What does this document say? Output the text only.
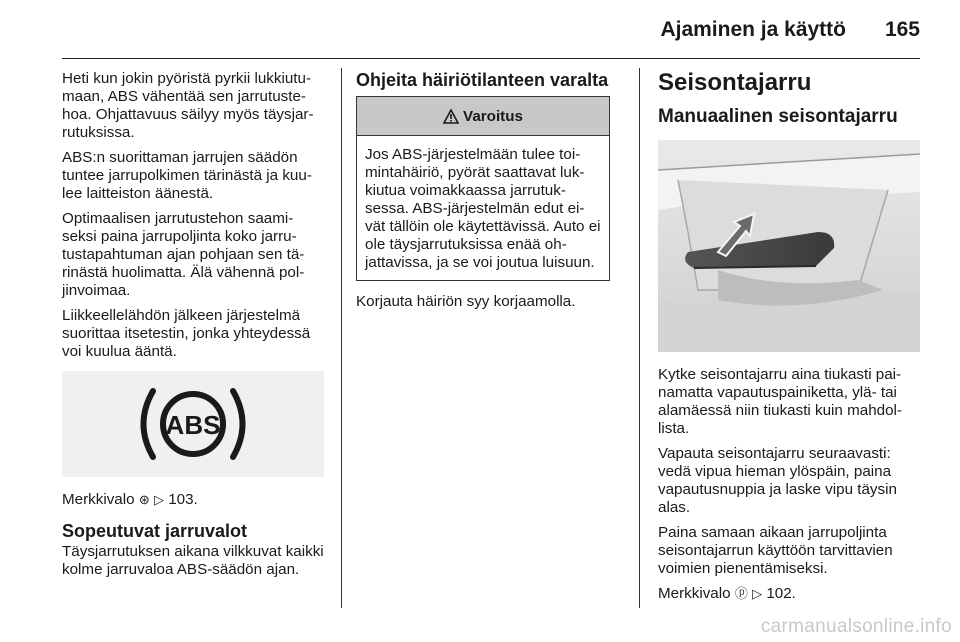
Ajaminen ja käyttö 165

Heti kun jokin pyöristä pyrkii lukkiutu-maan, ABS vähentää sen jarrutuste-hoa. Ohjattavuus säilyy myös täysjar-rutuksissa.

ABS:n suorittaman jarrujen säädön tuntee jarrupolkimen tärinästä ja kuu-lee laitteiston äänestä.

Optimaalisen jarrutustehon saami-seksi paina jarrupoljinta koko jarru-tustapahtuman ajan pohjaan sen tä-rinästä huolimatta. Älä vähennä pol-jinvoimaa.

Liikkeellelähdön jälkeen järjestelmä suorittaa itsetestin, jonka yhteydessä voi kuulua ääntä.

ABS

Merkkivalo ⊛ ▷ 103.

Sopeutuvat jarruvalot

Täysjarrutuksen aikana vilkkuvat kaikki kolme jarruvaloa ABS-säädön ajan.

Ohjeita häiriötilanteen varalta
Varoitus

Jos ABS-järjestelmään tulee toi-mintahäiriö, pyörät saattavat luk-kiutua voimakkaassa jarrutuk-sessa. ABS-järjestelmän edut ei-vät tällöin ole käytettävissä. Auto ei ole täysjarrutuksissa enää oh-jattavissa, ja se voi joutua luisuun.

Korjauta häiriön syy korjaamolla.

Seisontajarru
Manuaalinen seisontajarru

Kytke seisontajarru aina tiukasti pai-namatta vapautuspainiketta, ylä- tai alamäessä niin tiukasti kuin mahdol-lista.

Vapauta seisontajarru seuraavasti: vedä vipua hieman ylöspäin, paina vapautusnuppia ja laske vipu täysin alas.

Paina samaan aikaan jarrupoljinta seisontajarrun käyttöön tarvittavien voimien pienentämiseksi.

Merkkivalo ⓟ ▷ 102.

carmanualsonline.info
